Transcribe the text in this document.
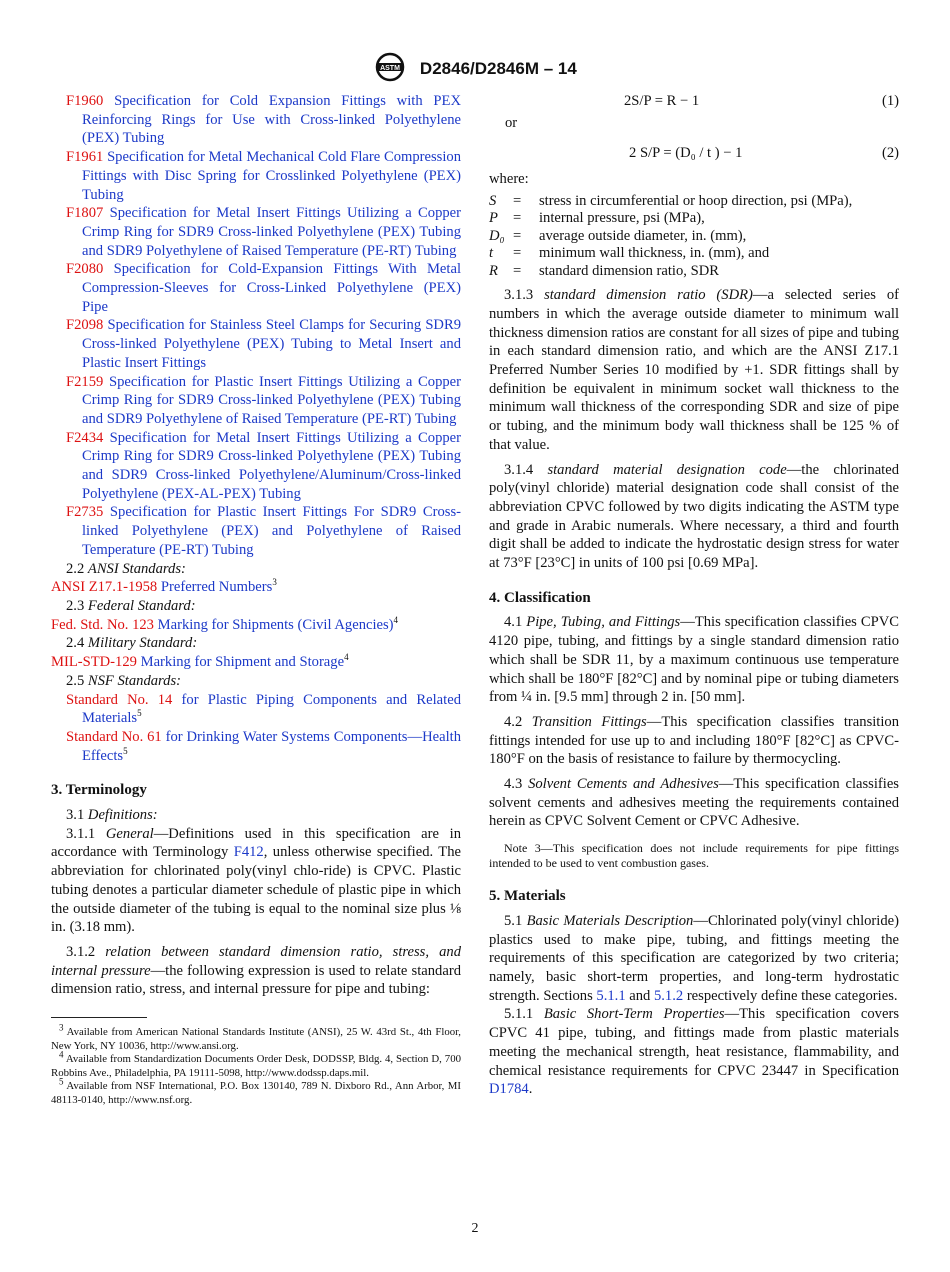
ASTM D2846/D2846M – 14
F1960 Specification for Cold Expansion Fittings with PEX Reinforcing Rings for Use with Cross-linked Polyethylene (PEX) Tubing
F1961 Specification for Metal Mechanical Cold Flare Compression Fittings with Disc Spring for Crosslinked Polyethylene (PEX) Tubing
F1807 Specification for Metal Insert Fittings Utilizing a Copper Crimp Ring for SDR9 Cross-linked Polyethylene (PEX) Tubing and SDR9 Polyethylene of Raised Temperature (PE-RT) Tubing
F2080 Specification for Cold-Expansion Fittings With Metal Compression-Sleeves for Cross-Linked Polyethylene (PEX) Pipe
F2098 Specification for Stainless Steel Clamps for Securing SDR9 Cross-linked Polyethylene (PEX) Tubing to Metal Insert and Plastic Insert Fittings
F2159 Specification for Plastic Insert Fittings Utilizing a Copper Crimp Ring for SDR9 Cross-linked Polyethylene (PEX) Tubing and SDR9 Polyethylene of Raised Temperature (PE-RT) Tubing
F2434 Specification for Metal Insert Fittings Utilizing a Copper Crimp Ring for SDR9 Cross-linked Polyethylene (PEX) Tubing and SDR9 Cross-linked Polyethylene/Aluminum/Cross-linked Polyethylene (PEX-AL-PEX) Tubing
F2735 Specification for Plastic Insert Fittings For SDR9 Cross-linked Polyethylene (PEX) and Polyethylene of Raised Temperature (PE-RT) Tubing
2.2 ANSI Standards:
ANSI Z17.1-1958 Preferred Numbers$^3$
2.3 Federal Standard:
Fed. Std. No. 123 Marking for Shipments (Civil Agencies)$^4$
2.4 Military Standard:
MIL-STD-129 Marking for Shipment and Storage$^4$
2.5 NSF Standards:
Standard No. 14 for Plastic Piping Components and Related Materials$^5$
Standard No. 61 for Drinking Water Systems Components—Health Effects$^5$
3. Terminology

3.1 Definitions:

3.1.1 General—Definitions used in this specification are in accordance with Terminology F412, unless otherwise specified. The abbreviation for chlorinated poly(vinyl chlo-ride) is CPVC. Plastic tubing denotes a particular diameter schedule of plastic pipe in which the outside diameter of the tubing is equal to the nominal size plus ⅛ in. (3.18 mm).

3.1.2 relation between standard dimension ratio, stress, and internal pressure—the following expression is used to relate standard dimension ratio, stress, and internal pressure for pipe and tubing:

$^3$ Available from American National Standards Institute (ANSI), 25 W. 43rd St., 4th Floor, New York, NY 10036, http://www.ansi.org.

$^4$ Available from Standardization Documents Order Desk, DODSSP, Bldg. 4, Section D, 700 Robbins Ave., Philadelphia, PA 19111-5098, http://www.dodssp.daps.mil.

$^5$ Available from NSF International, P.O. Box 130140, 789 N. Dixboro Rd., Ann Arbor, MI 48113-0140, http://www.nsf.org.

2S/P = R − 1	(1)
or
2 S/P = (D₀ / t ) − 1	(2)
where:
S	=	stress in circumferential or hoop direction, psi (MPa),
P	=	internal pressure, psi (MPa),
D₀	=	average outside diameter, in. (mm),
t	=	minimum wall thickness, in. (mm), and
R	=	standard dimension ratio, SDR

3.1.3 standard dimension ratio (SDR)—a selected series of numbers in which the average outside diameter to minimum wall thickness dimension ratios are constant for all sizes of pipe and tubing in each standard dimension ratio, and which are the ANSI Z17.1 Preferred Number Series 10 modified by +1. SDR fittings shall by definition be equivalent in minimum socket wall thickness to the minimum wall thickness of the corresponding SDR and size of pipe or tubing, and the minimum body wall thickness shall be 125 % of that value.

3.1.4 standard material designation code—the chlorinated poly(vinyl chloride) material designation code shall consist of the abbreviation CPVC followed by two digits indicating the ASTM type and grade in Arabic numerals. Where necessary, a third and fourth digit shall be added to indicate the hydrostatic design stress for water at 73°F [23°C] in units of 100 psi [0.69 MPa].

4. Classification

4.1 Pipe, Tubing, and Fittings—This specification classifies CPVC 4120 pipe, tubing, and fittings by a single standard dimension ratio which shall be SDR 11, by a maximum continuous use temperature which shall be 180°F [82°C] and by nominal pipe or tubing diameters from ¼ in. [9.5 mm] through 2 in. [50 mm].

4.2 Transition Fittings—This specification classifies transition fittings intended for use up to and including 180°F [82°C] as CPVC-180°F on the basis of resistance to failure by thermocycling.

4.3 Solvent Cements and Adhesives—This specification classifies solvent cements and adhesives meeting the requirements contained herein as CPVC Solvent Cement or CPVC Adhesive.

Note 3—This specification does not include requirements for pipe fittings intended to be used to vent combustion gases.

5. Materials

5.1 Basic Materials Description—Chlorinated poly(vinyl chloride) plastics used to make pipe, tubing, and fittings meeting the requirements of this specification are categorized by two criteria; namely, basic short-term properties, and long-term hydrostatic strength. Sections 5.1.1 and 5.1.2 respectively define these categories.

5.1.1 Basic Short-Term Properties—This specification covers CPVC 41 pipe, tubing, and fittings made from plastic materials meeting the mechanical strength, heat resistance, flammability, and chemical resistance requirements for CPVC 23447 in Specification D1784.

2
